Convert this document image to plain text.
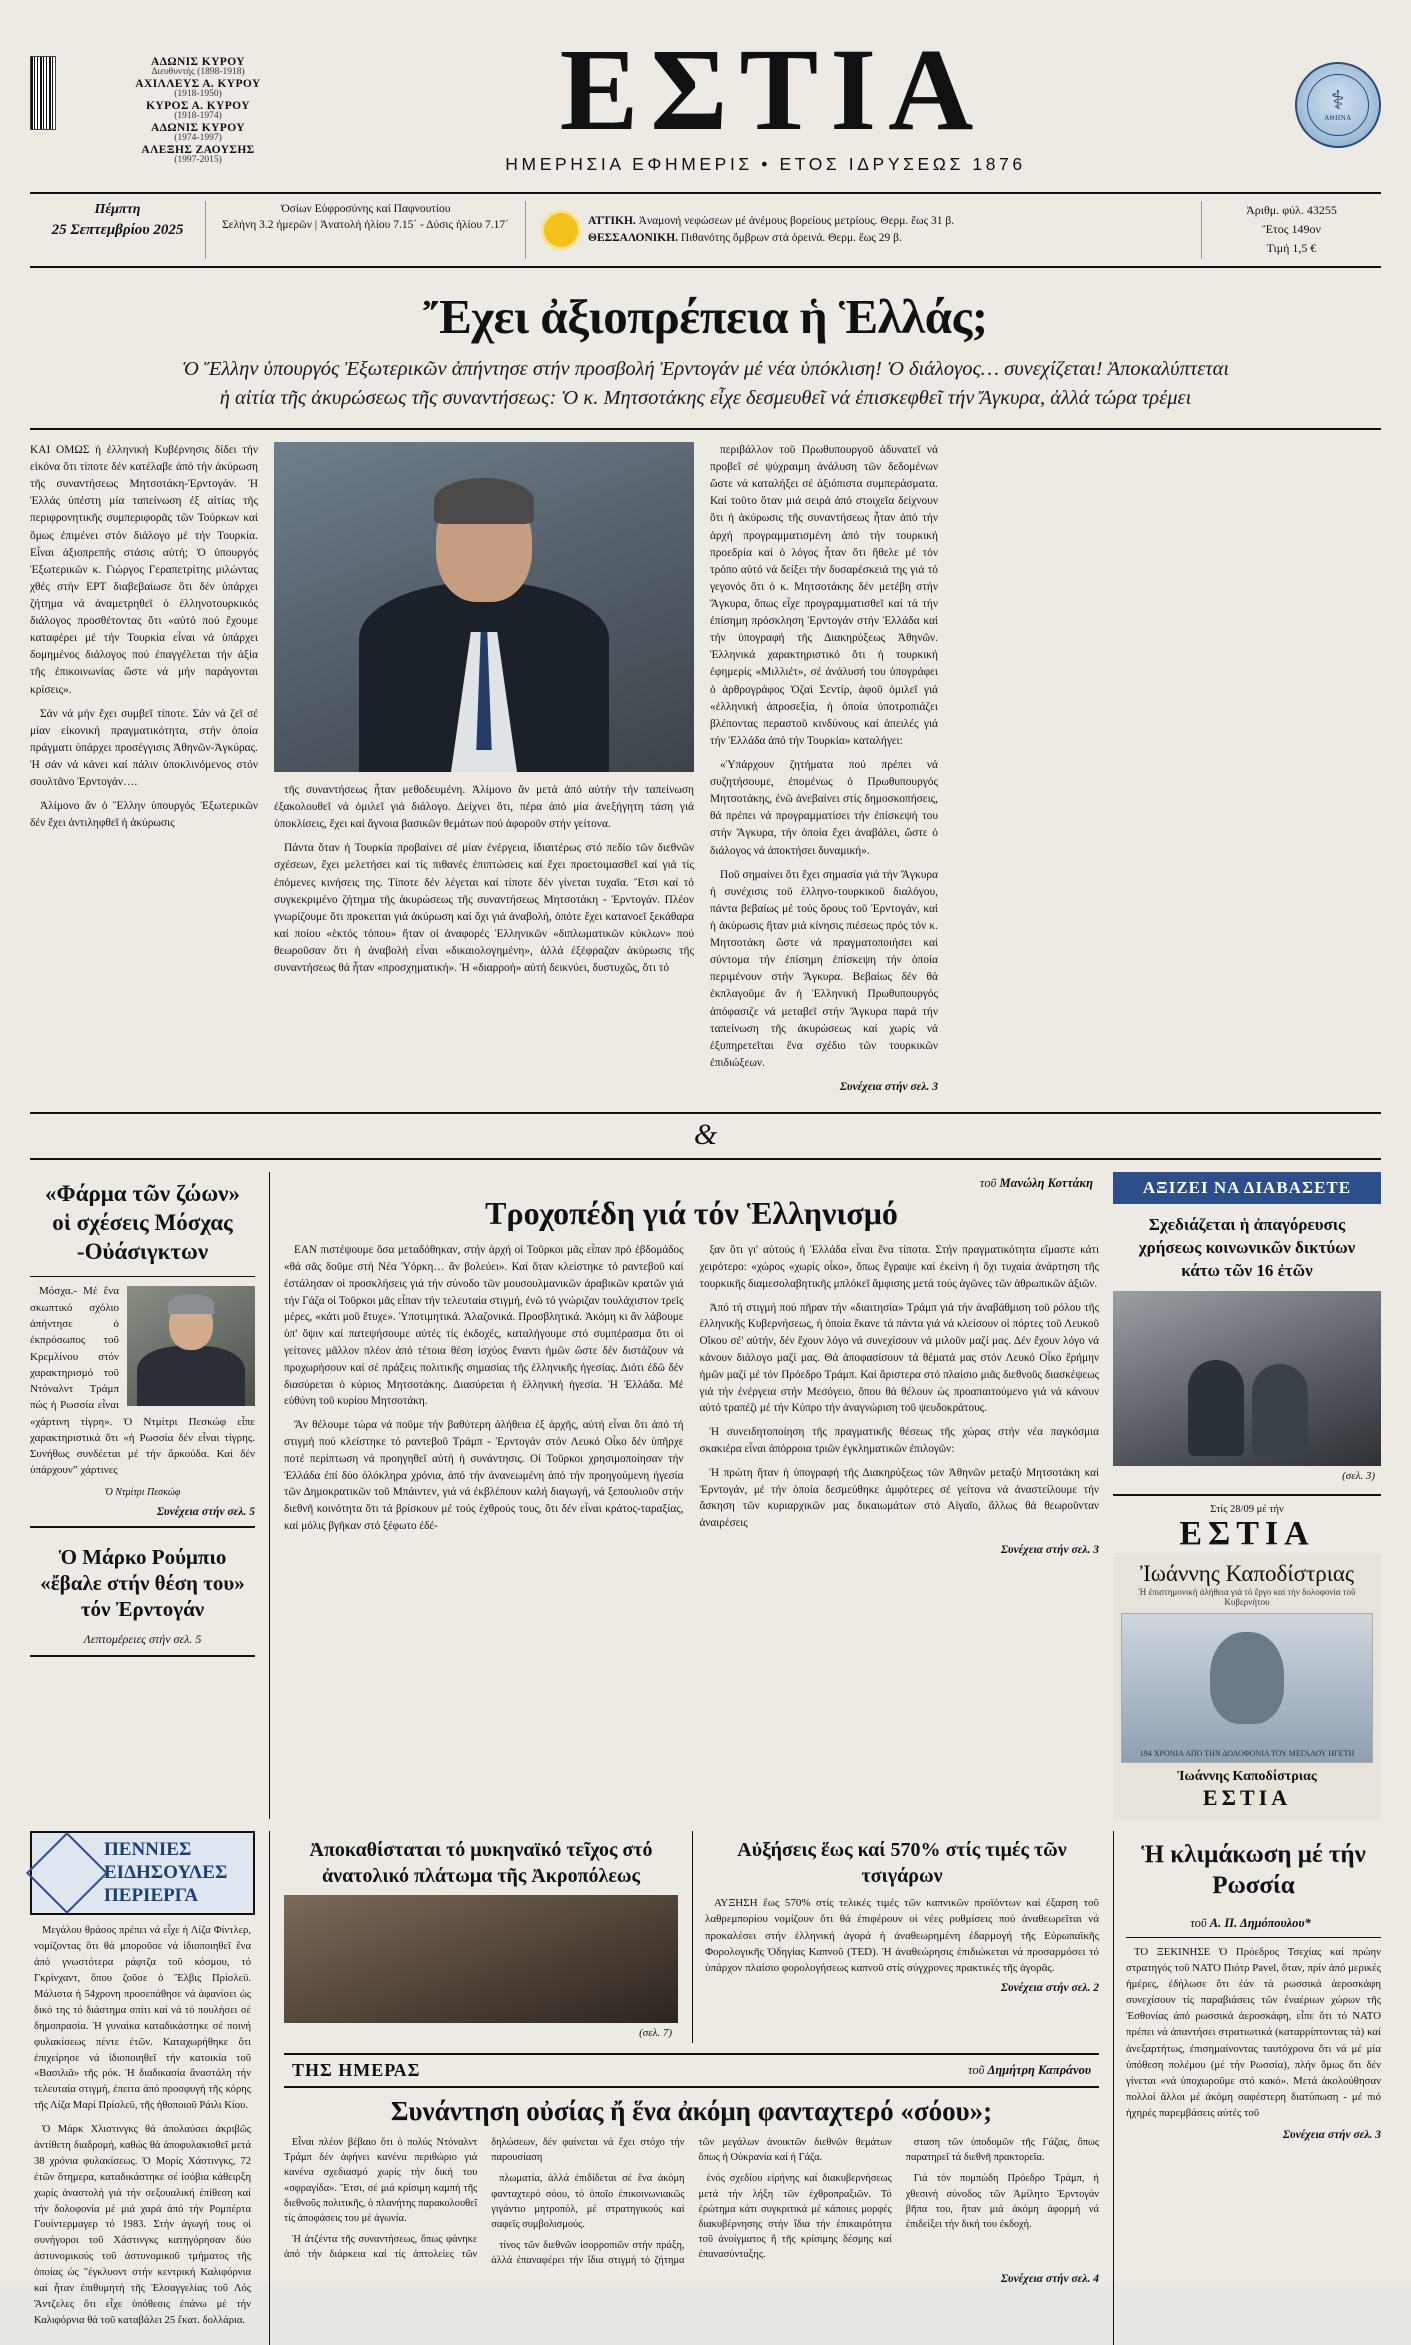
ΑΔΩΝΙΣ ΚΥΡΟΥ
Διευθυντής (1898-1918)
ΑΧΙΛΛΕΥΣ Α. ΚΥΡΟΥ
(1918-1950)
ΚΥΡΟΣ Α. ΚΥΡΟΥ
(1918-1974)
ΑΔΩΝΙΣ ΚΥΡΟΥ
(1974-1997)
ΑΛΕΞΗΣ ΖΑΟΥΣΗΣ
(1997-2015)
ΕΣΤΙΑ
ΗΜΕΡΗΣΙΑ ΕΦΗΜΕΡΙΣ • ΕΤΟΣ ΙΔΡΥΣΕΩΣ 1876
⚕
ΑΘΗΝΑ
Πέμπτη
25 Σεπτεμβρίου 2025
Ὁσίων Εὐφροσύνης καί Παφνουτίου
Σελήνη 3.2 ἡμερῶν | Ἀνατολή ἡλίου 7.15΄ - Δύσις ἡλίου 7.17΄	ΑΤΤΙΚΗ. Ἀναμονή νεφώσεων μέ ἀνέμους βορείους μετρίους. Θερμ. ἕως 31 β.
ΘΕΣΣΑΛΟΝΙΚΗ. Πιθανότης ὄμβρων στά ὀρεινά. Θερμ. ἕως 29 β.
Ἀριθμ. φύλ. 43255
Ἔτος 149ον
Τιμή 1,5 €
Ἔχει ἀξιοπρέπεια ἡ Ἑλλάς;
Ὁ Ἕλλην ὑπουργός Ἐξωτερικῶν ἀπήντησε στήν προσβολή Ἐρντογάν μέ νέα ὑπόκλιση! Ὁ διάλογος… συνεχίζεται! Ἀποκαλύπτεται
ἡ αἰτία τῆς ἀκυρώσεως τῆς συναντήσεως: Ὁ κ. Μητσοτάκης εἶχε δεσμευθεῖ νά ἐπισκεφθεῖ τήν Ἄγκυρα, ἀλλά τώρα τρέμει

ΚΑΙ ΟΜΩΣ ἡ ἑλληνική Κυβέρνησις δίδει τήν εἰκόνα ὅτι τίποτε δέν κατέλαβε ἀπό τήν ἀκύρωση τῆς συναντήσεως Μητσοτάκη-Ἐρντογάν. Ἡ Ἑλλάς ὑπέστη μία ταπείνωση ἐξ αἰτίας τῆς περιφρονητικῆς συμπεριφορᾶς τῶν Τούρκων καί ὅμως ἐπιμένει στόν διάλογο μέ τήν Τουρκία. Εἶναι ἀξιοπρεπής στάσις αὐτή; Ὁ ὑπουργός Ἐξωτερικῶν κ. Γιώργος Γεραπετρίτης μιλώντας χθές στήν ΕΡΤ διαβεβαίωσε ὅτι δέν ὑπάρχει ζήτημα νά ἀναμετρηθεῖ ὁ ἑλληνοτουρκικός διάλογος προσθέτοντας ὅτι «αὐτό πού ἔχουμε καταφέρει μέ τήν Τουρκία εἶναι νά ὑπάρχει δομημένος διάλογος πού ἐπαγγέλεται τήν ἀξία τῆς ἐπικοινωνίας ὥστε νά μήν παράγονται κρίσεις».

Σάν νά μήν ἔχει συμβεῖ τίποτε. Σάν νά ζεῖ σέ μίαν εἰκονική πραγματικότητα, στήν ὁποία πράγματι ὑπάρχει προσέγγισις Ἀθηνῶν-Ἀγκύρας. Ἡ σάν νά κάνει καί πάλιν ὑποκλινόμενος στόν σουλτᾶνο Ἐρντογάν….

Ἀλίμονο ἄν ὁ Ἕλλην ὑπουργός Ἐξωτερικῶν δέν ἔχει ἀντιληφθεῖ ἡ ἀκύρωσις

τῆς συναντήσεως ἦταν μεθοδευμένη. Ἀλίμονο ἄν μετά ἀπό αὐτήν τήν ταπείνωση ἐξακολουθεῖ νά ὁμιλεῖ γιά διάλογο. Δείχνει ὅτι, πέρα ἀπό μία ἀνεξήγητη τάση γιά ὑποκλίσεις, ἔχει καί ἄγνοια βασικῶν θεμάτων πού ἀφοροῦν στήν γείτονα.

Πάντα ὅταν ἡ Τουρκία προβαίνει σέ μίαν ἐνέργεια, ἰδιαιτέρως στό πεδίο τῶν διεθνῶν σχέσεων, ἔχει μελετήσει καί τίς πιθανές ἐπιπτώσεις καί ἔχει προετοιμασθεῖ καί γιά τίς ἑπόμενες κινήσεις της. Τίποτε δέν λέγεται καί τίποτε δέν γίνεται τυχαῖα. Ἔτσι καί τό συγκεκριμένο ζήτημα τῆς ἀκυρώσεως τῆς συναντήσεως Μητσοτάκη - Ἐρντογάν. Πλέον γνωρίζουμε ὅτι προκειται γιά ἀκύρωση καί ὄχι γιά ἀναβολή, ὁπότε ἔχει κατανοεῖ ξεκάθαρα καί ποίου «ἑκτός τόπου» ἤταν οἱ ἀναφορές Ἑλληνικῶν «διπλωματικῶν κύκλων» πού θεωροῦσαν ὅτι ἡ ἀναβολή εἶναι «δικαιολογημένη», ἀλλά ἐξέφραζαν ἀκύρωσις τῆς συναντήσεως θά ἦταν «προσχηματική». Ἡ «διαρροή» αὐτή δεικνύει, δυστυχῶς, ὅτι τό

περιβάλλον τοῦ Πρωθυπουργοῦ ἀδυνατεῖ νά προβεῖ σέ ψύχραιμη ἀνάλυση τῶν δεδομένων ὥστε νά καταλήξει σέ ἀξιόπιστα συμπεράσματα. Καί τοῦτο ὅταν μιά σειρά ἀπό στοιχεῖα δείχνουν ὅτι ἡ ἀκύρωσις τῆς συναντήσεως ἦταν ἀπό τήν ἀρχή προγραμματισμένη ἀπό τήν τουρκική προεδρία καί ὁ λόγος ἦταν ὅτι ἤθελε μέ τόν τρόπο αὐτό νά δείξει τήν δυσαρέσκειά της γιά τό γεγονός ὅτι ὁ κ. Μητσοτάκης δέν μετέβη στήν Ἄγκυρα, ὅπως εἶχε προγραμματισθεῖ καί τά τήν ἐπίσημη πρόσκληση Ἐρντογάν στήν Ἑλλάδα καί τήν ὑπογραφή τῆς Διακηρύξεως Ἀθηνῶν. Ἑλληνικά χαρακτηριστικό ὅτι ἡ τουρκική ἐφημερίς «Μιλλιέτ», σέ ἀνάλυσή του ὑπογράφει ὁ ἀρθρογράφος Ὀζαὶ Σεντίρ, ἀφοῦ ὁμιλεῖ γιά «ἑλληνική ἀπροσεξία, ἡ ὁποία ὑποτροπιάζει βλέποντας περαστοῦ κινδύνους καί ἀπειλές γιά τήν Ἑλλάδα ἀπό τήν Τουρκία» καταλήγει:

«Ὑπάρχουν ζητήματα πού πρέπει νά συζητήσουμε, ἐπομένως ὁ Πρωθυπουργός Μητσοτάκης, ἐνῶ ἀνεβαίνει στίς δημοσκοπήσεις, θά πρέπει νά προγραμματίσει τήν ἐπίσκεψή του στήν Ἄγκυρα, τήν ὁποία ἔχει ἀναβάλει, ὥστε ὁ διάλογος νά ἀποκτήσει δυναμική».

Ποῦ σημαίνει ὅτι ἔχει σημασία γιά τήν Ἄγκυρα ἡ συνέχισις τοῦ ἑλληνο-τουρκικοῦ διαλόγου, πάντα βεβαίως μέ τούς ὅρους τοῦ Ἐρντογάν, καί ἡ ἀκύρωσις ἤταν μιά κίνησις πιέσεως πρός τόν κ. Μητσοτάκη ὥστε νά πραγματοποιήσει καί σύντομα τήν ἐπίσημη ἐπίσκεψη τήν ὁποία περιμένουν στήν Ἄγκυρα. Βεβαίως δέν θά ἐκπλαγοῦμε ἄν ἡ Ἑλληνική Πρωθυπουργός ἀπόφασιζε νά μεταβεῖ στήν Ἄγκυρα παρά τήν ταπείνωση τῆς ἀκυρώσεως καί χωρίς νά ἐξυπηρετεῖται ἕνα σχέδιο τῶν τουρκικῶν ἐπιδιώξεων.

Συνέχεια στήν σελ. 3
&
«Φάρμα τῶν ζώων» οἱ σχέσεις Μόσχας -Οὐάσιγκτων

Μόσχα.- Μέ ἕνα σκωπτικό σχόλιο ἀπήντησε ὁ ἐκπρόσωπος τοῦ Κρεμλίνου στόν χαρακτηρισμό τοῦ Ντόναλντ Τράμπ πώς ἡ Ρωσσία εἶναι «χάρτινη τίγρη». Ὁ Ντμίτρι Πεσκώφ εἶπε χαρακτηριστικά ὅτι «ἡ Ρωσσία δέν εἶναι τίγρης. Συνήθως συνδέεται μέ τήν ἄρκούδα. Καί δέν ὑπάρχουν” χάρτινες

Ὁ Ντμίτρι Πεσκώφ
Συνέχεια στήν σελ. 5
Ὁ Μάρκο Ρούμπιο «ἔβαλε στήν θέση του» τόν Ἐρντογάν
Λεπτομέρειες στήν σελ. 5
τοῦ Μανώλη Κοττάκη
Τροχοπέδη γιά τόν Ἑλληνισμό

ΕΑΝ πιστέψουμε ὅσα μεταδόθηκαν, στήν ἀρχή οἱ Τοῦρκοι μᾶς εἶπαν πρό ἑβδομάδος «θά σᾶς δοῦμε στή Νέα Ὑόρκη… ἄν βολεύει». Καί ὅταν κλείστηκε τό ραντεβοῦ καί ἐστάλησαν οἱ προσκλήσεις γιά τήν σύνοδο τῶν μουσουλμανικῶν ἀραβικῶν κρατῶν γιά τήν Γάζα οἱ Τοῦρκοι μᾶς εἶπαν τήν τελευταία στιγμή, ἐνῶ τό γνώριζαν τουλάχιστον τρεῖς μέρες, «κάτι μοῦ ἔτυχε». Ὑποτιμητικά. Ἀλαζονικά. Προσβλητικά. Ἀκόμη κι ἄν λάβουμε ὑπ' ὄψιν καί πατεψήσουμε αὐτές τίς ἐκδοχές, καταλήγουμε στό συμπέρασμα ὅτι οἱ γείτονες μᾶλλον πλέον ἀπό τέτοια θέση ἰσχύος ἔναντι ἡμῶν ὥστε δέν διστάζουν νά προχωρήσουν καί σέ πράξεις πολιτικῆς σημασίας τῆς ἑλληνικῆς ἡγεσίας. Διότι ἐδῶ δέν διασύρεται ὁ κύριος Μητσοτάκης. Διασύρεται ἡ ἑλληνική ἡγεσία. Ἡ Ἑλλάδα. Μέ εὐθύνη τοῦ κυρίου Μητσοτάκη.

Ἄν θέλουμε τώρα νά ποῦμε τήν βαθύτερη ἀλήθεια ἐξ ἀρχῆς, αὐτή εἶναι ὅτι ἀπό τή στιγμή πού κλείστηκε τό ραντεβοῦ Τράμπ - Ἐρντογάν στόν Λευκό Οἶκο δέν ὑπῆρχε ποτέ περίπτωση νά προηγηθεῖ αὐτή ἡ συνάντησις. Οἱ Τοῦρκοι χρησιμοποίησαν τήν Ἑλλάδα ἐπί δύο ὁλόκληρα χρόνια, ἀπό τήν ἀνανεωμένη ἀπό τήν προηγούμενη ἡγεσία τῶν Δημοκρατικῶν τοῦ Μπάιντεν, γιά νά ἐκβλέπουν καλή διαγωγή, νά ξεπουλιοῦν στήν διεθνῆ κοινότητα ὅτι τά βρίσκουν μέ τούς ἐχθρούς τους, ὅτι δέν εἶναι κράτος-ταραξίας, καί μόλις βγῆκαν στό ξέφωτο ἐδέ-

ξαν ὅτι γι' αὐτούς ἡ Ἑλλάδα εἶναι ἕνα τίποτα. Στήν πραγματικότητα εἴμαστε κάτι χειρότερο: «χώρος «χωρίς οἶκο», ὅπως ἔγραψε καί ἐκείνη ἡ ὄχι τυχαία ἀνάρτηση τῆς τουρκικῆς διαμεσολαβητικῆς μπλόκεῖ ἄμφισης μετά τούς ἀγῶνες τῶν ἀθρωπικῶν ἀξιῶν.

Ἀπό τή στιγμή πού πῆραν τήν «διαιτησία» Τράμπ γιά τήν ἀναβάθμιση τοῦ ρόλου τῆς ἑλληνικῆς Κυβερνήσεως, ἡ ὁποία ἔκανε τά πάντα γιά νά κλείσουν οἱ πόρτες τοῦ Λευκοῦ Οἴκου σέ' αὐτήν, δέν ἔχουν λόγο νά συνεχίσουν νά μιλοῦν μαζί μας. Δέν ἔχουν λόγο νά κάνουν διάλογο μαζί μας. Θά ἀποφασίσουν τά θέματά μας στόν Λευκό Οἶκο ἔρήμην ἡμῶν μαζί μέ τόν Πρόεδρο Τράμπ. Καί ἄριστερα στό πλαίσιο μιᾶς διεθνοῦς διασκέψεως γιά τήν ἐνέργεια στήν Μεσόγειο, ὅπου θά θέλουν ὡς προαπαιτούμενο γιά νά κάνουν αὐτό τραπέζι μέ τήν Κύπρο τήν ἀναγνώριση τοῦ ψευδοκράτους.

Ἡ συνειδητοποίηση τῆς πραγματικῆς θέσεως τῆς χώρας στήν νέα παγκόσμια σκακιέρα εἶναι ἀπόρροια τριῶν ἐγκληματικῶν ἐπιλογῶν:

Ἡ πρώτη ἤταν ἡ ὑπογραφή τῆς Διακηρύξεως τῶν Ἀθηνῶν μεταξύ Μητσοτάκη καί Ἐρντογάν, μέ τήν ὁποία δεσμεύθηκε ἀμφότερες σέ γείτονα νά ἀναστείλουμε τήν ἄσκηση τῶν κυριαρχικῶν μας δικαιωμάτων στό Αἰγαῖο, ἄλλως θά θεωροῦνταν ἀναιρέσεις

Συνέχεια στήν σελ. 3
ΑΞΙΖΕΙ ΝΑ ΔΙΑΒΑΣΕΤΕ
Σχεδιάζεται ἡ ἀπαγόρευσις χρήσεως κοινωνικῶν δικτύων κάτω τῶν 16 ἐτῶν
(σελ. 3)
Στίς 28/09 μέ τήν
ΕΣΤΙΑ
Ἰωάννης Καποδίστριας
Ἡ ἐπιστημονική ἀλήθεια γιά τό ἔργο καί τήν δολοφονία τοῦ Κυβερνήτου
194 ΧΡΟΝΙΑ ΑΠΟ ΤΗΝ ΔΟΛΟΦΟΝΙΑ ΤΟΥ ΜΕΓΑΛΟΥ ΗΓΕΤΗ
Ἰωάννης Καποδίστριας
ΕΣΤΙΑ
ΠΕΝΝΙΕΣ ΕΙΔΗΣΟΥΛΕΣ ΠΕΡΙΕΡΓΑ

Μεγάλου θράσος πρέπει νά εἶχε ἡ Λίζα Φίντλερ, νομίζοντας ὅτι θά μποροῦσε νά ἰδιοποιηθεῖ ἕνα ἀπό γνωστότερα ράφτζα τοῦ κόσμου, τό Γκρίνχαντ, ὅπου ζοῦσε ὁ Ἔλβις Πρίσλεϋ. Μάλιστα ἡ 54χρονη προσεπάθησε νά ἀφανίσει ὡς δικό της τό διάστημα σπίτι καί νά τό πουλήσει σέ δημοπρασία. Ἡ γυναίκα καταδικάστηκε σέ ποινή φυλακίσεως πέντε ἐτῶν. Καταχωρήθηκε ὅτι ἐπιχείρησε νά ἰδιοποιηθεῖ τήν κατοικία τοῦ «Βασιλιᾶ» τῆς ρόκ. Ἡ διαδικασία ἄναστάλη τήν τελευταία στιγμή, ἐπειτα ἀπό προσφυγή τῆς κόρης τῆς Λίζα Μαρί Πρίσλεϋ, τῆς ἠθοποιοῦ Ράιλι Κίου.

Ὁ Μάρκ Χλιστινγκς θά ἀπολαύσει ἀκριβῶς ἀντίθετη διαδρομή, καθώς θά ἀποφυλακισθεῖ μετά 38 χρόνια φυλακίσεως. Ὁ Μορίς Χάστινγκς, 72 ἐτῶν ὅτημερα, καταδικάστηκε σέ ἰσόβια κάθειρξη χωρίς ἀναστολή γιά τήν σεξουαλική ἐπίθεση καί τήν δολοφονία μέ μιά χαρά ἀπό τήν Ρομπέρτα Γουίντερμαγερ τό 1983. Στήν ἀγωγή τους οἱ συνήγοροι τοῦ Χάστινγκς κατηγόρησαν δύο ἀστυνομικούς τοῦ ἀστυνομικοῦ τμήματος τῆς ὁποίας ὡς "ἐγκλυοντ στήν κεντρική Καλιφόρνια καί ἦταν ἐπιθυμητή τῆς Ἐλσαγγελίας τοῦ Λός Ἄντζελες ὅτι εἶχε ὑπόθεσις ἐπάνω μέ τήν Καλιφόρνια θά τοῦ καταβάλει 25 ἕκατ. δολλάρια.

Ἀποκαθίσταται τό μυκηναϊκό τεῖχος στό ἀνατολικό πλάτωμα τῆς Ἀκροπόλεως
(σελ. 7)
Αὐξήσεις ἕως καί 570% στίς τιμές τῶν τσιγάρων

ΑΥΞΗΣΗ ἕως 570% στίς τελικές τιμές τῶν καπνικῶν προϊόντων καί ἐξαρση τοῦ λαθρεμπορίου νομίζουν ὅτι θά ἐπιφέρουν οἱ νέες ρυθμίσεις πού ἀναθεωρεῖται νά προκαλέσει στήν ἑλληνική ἀγορά ἡ ἀναθεωρημένη ἐδαρμογή τῆς Εὐρωπαϊκῆς Φορολογικῆς Ὁδηγίας Καπνοῦ (ΤΕD). Ἡ ἀναθεώρησις ἐπιδιώκεται νά προσαρμόσει τό ὑπάρχον πλαίσιο φορολογήσεως καπνοῦ στίς σύγχρονες πρακτικές τῆς ἀγορᾶς.

Συνέχεια στήν σελ. 2
ΤΗΣ ΗΜΕΡΑΣ	τοῦ Δημήτρη Καπράνου
Συνάντηση οὐσίας ἤ ἕνα ἀκόμη φανταχτερό «σόου»;

Εἶναι πλέον βέβαιο ὅτι ὁ πολύς Ντόναλντ Τράμπ δέν ἀφήνει κανένα περιθώριο γιά κανένα σχεδιασμό χωρίς τήν δική του «σφραγίδα». Ἔτσι, σέ μιά κρίσιμη καμπή τῆς διεθνοῦς πολιτικῆς, ὁ πλανήτης παρακολουθεῖ τίς ἀποφάσεις του μέ ἀγωνία.

Ἡ ἀτζέντα τῆς συναντήσεως, ὅπως φάνηκε ἀπό τήν διάρκεια καί τίς ἀπτολείες τῶν δηλώσεων, δέν φαίνεται νά ἔχει στόχο τήν παρουσίαση

πλωματία, ἀλλά ἐπιδίδεται σέ ἕνα ἀκόμη φανταχτερό σόου, τό ὁποῖο ἐπικοινωνιακῶς γιγάντιο μητροπόλ, μέ στρατηγικούς καί σαφεῖς συμβολισμούς.

τίνος τῶν διεθνῶν ἰσορροπιῶν στήν πράξη, ἀλλά ἐπαναφέρει τήν ἴδια στιγμή τό ζήτημα τῶν μεγάλων ἀνοικτῶν διεθνῶν θεμάτων ὅπως ἡ Οὐκρανία καί ἡ Γάζα.

ἑνός σχεδίου εἰρήνης καί διακυβερνήσεως μετά τήν λήξη τῶν ἐχθροπραξιῶν. Τό ἐρώτημα κάτι συγκριτικά μέ κάποιες μορφές διακυβέρνησης στήν ἴδια τήν ἐπικαιρότητα τοῦ ἀνοίγματος ἤ τῆς κρίσιμης δέσμης καί ἐπανασύνταξης.

σταση τῶν ὑποδομῶν τῆς Γάζας, ὅπως παρατηρεῖ τά διεθνῆ πρακτορεῖα.

Γιά τόν πομπώδη Πρόεδρο Τράμπ, ἡ χθεσινή σύνοδος τῶν Ἀμίλητο Ἐρντογάν βῆπα του, ἤταν μιά ἀκόμη ἀφορμή νά ἐπιδείξει τήν δική του ἐκδοχή.

Συνέχεια στήν σελ. 4
Ἡ κλιμάκωση μέ τήν Ρωσσία
τοῦ Α. Π. Δημόπουλου*

ΤΟ ΞΕΚΙΝΗΣΕ Ὁ Πρόεδρος Τσεχίας καί πρώην στρατηγός τοῦ ΝΑΤΟ Πιότρ Pavel, ὅταν, πρίν ἀπό μερικές ἡμέρες, ἐδήλωσε ὅτι ἐάν τά ρωσσικά ἀεροσκάφη συνεχίσουν τίς παραβιάσεις τῶν ἐναέριων χώρων τῆς Ἐσθονίας ἀπό ρωσσικά ἀεροσκάφη, εἶπε ὅτι τό ΝΑΤΟ πρέπει νά ἀπαντήσει στρατιωτικά (καταρρίπτοντας τά) καί ἀνεξαρτήτως, ἐπισημαίνοντας ταυτόχρονα ὅτι νά μέ μία ὑπόθεση πολέμου (μέ τήν Ρωσσία), πλήν ὅμως ὅτι δέν γίνεται «νά ὑποχωροῦμε στό κακό». Μετά ἀκολούθησαν πολλοί ἄλλοι μέ ἀκόμη σαφέστερη διατύπωση - μέ πιό ἠχηρές παρεμβάσεις αὐτές τοῦ

Συνέχεια στήν σελ. 3
